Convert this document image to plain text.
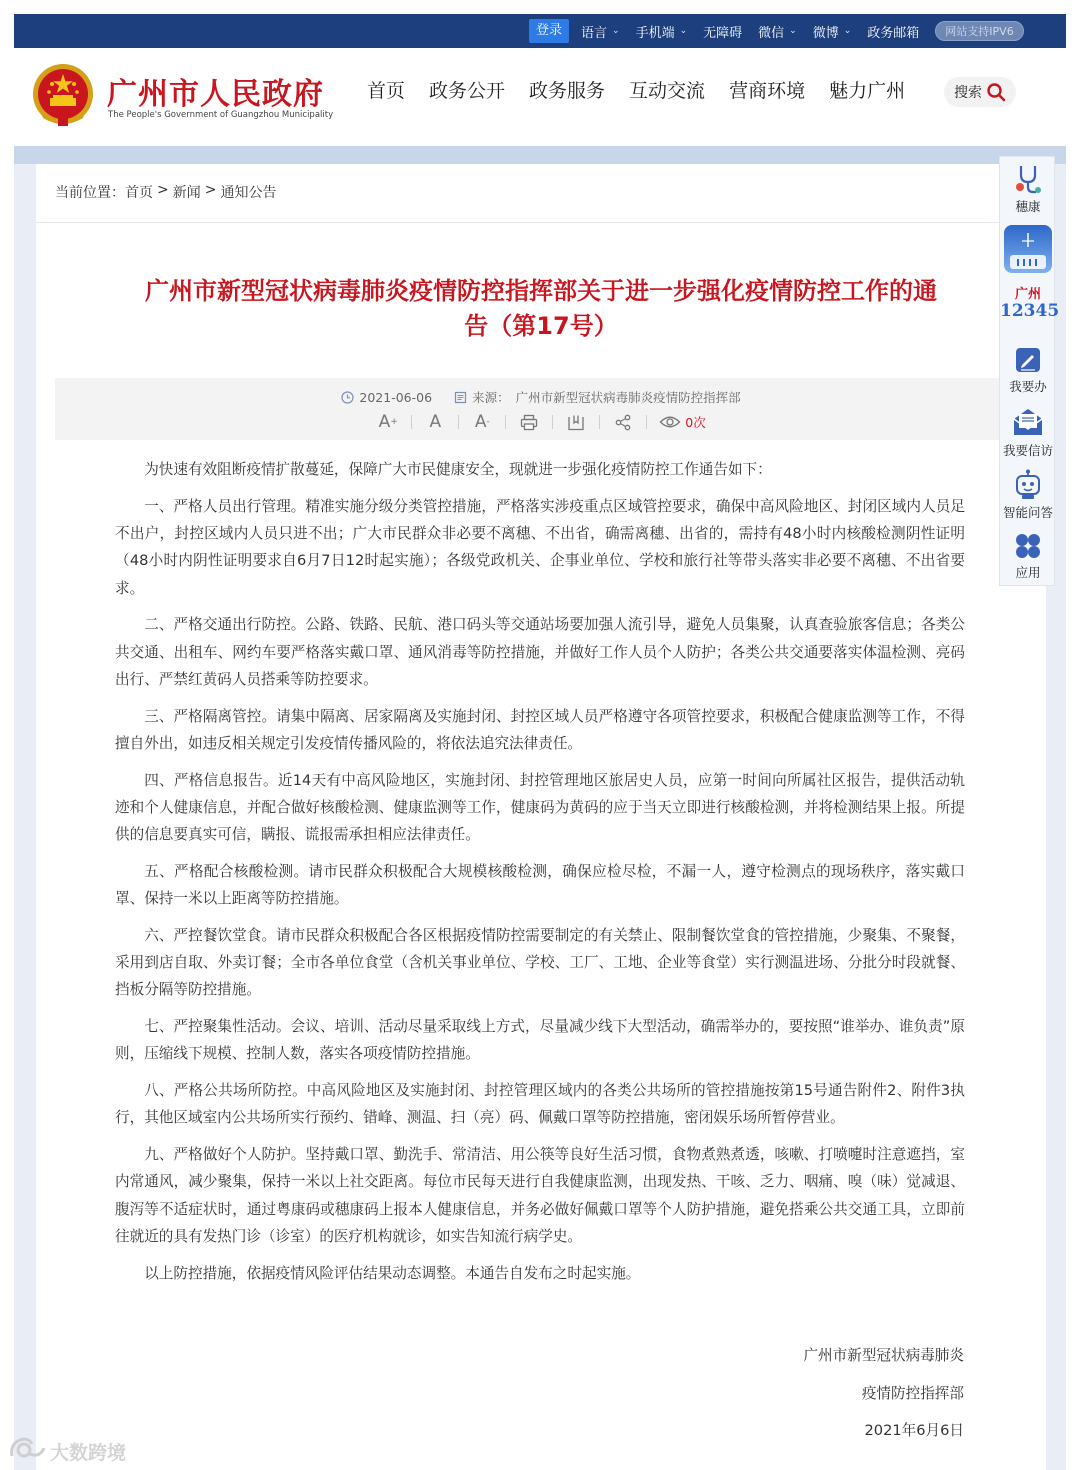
登录	语言 ⌄ 手机端 ⌄ 无障碍 微信 ⌄ 微博 ⌄ 政务邮箱	网站支持IPV6
广州市人民政府
The People's Government of Guangzhou Municipality
首页 政务公开 政务服务 互动交流 营商环境 魅力广州	搜索
当前位置： 首页 > 新闻 > 通知公告
广州市新型冠状病毒肺炎疫情防控指挥部关于进一步强化疫情防控工作的通告（第17号）
2021-06-06	来源： 广州市新型冠状病毒肺炎疫情防控指挥部
A +	A	A -	0次

为快速有效阻断疫情扩散蔓延，保障广大市民健康安全，现就进一步强化疫情防控工作通告如下：

一、严格人员出行管理。精准实施分级分类管控措施，严格落实涉疫重点区域管控要求，确保中高风险地区、封闭区域内人员足不出户，封控区域内人员只进不出；广大市民群众非必要不离穗、不出省，确需离穗、出省的，需持有48小时内核酸检测阴性证明（48小时内阴性证明要求自6月7日12时起实施）；各级党政机关、企事业单位、学校和旅行社等带头落实非必要不离穗、不出省要求。

二、严格交通出行防控。公路、铁路、民航、港口码头等交通站场要加强人流引导，避免人员集聚，认真查验旅客信息；各类公共交通、出租车、网约车要严格落实戴口罩、通风消毒等防控措施，并做好工作人员个人防护；各类公共交通要落实体温检测、亮码出行、严禁红黄码人员搭乘等防控要求。

三、严格隔离管控。请集中隔离、居家隔离及实施封闭、封控区域人员严格遵守各项管控要求，积极配合健康监测等工作，不得擅自外出，如违反相关规定引发疫情传播风险的，将依法追究法律责任。

四、严格信息报告。近14天有中高风险地区，实施封闭、封控管理地区旅居史人员，应第一时间向所属社区报告，提供活动轨迹和个人健康信息，并配合做好核酸检测、健康监测等工作，健康码为黄码的应于当天立即进行核酸检测，并将检测结果上报。所提供的信息要真实可信，瞒报、谎报需承担相应法律责任。

五、严格配合核酸检测。请市民群众积极配合大规模核酸检测，确保应检尽检，不漏一人，遵守检测点的现场秩序，落实戴口罩、保持一米以上距离等防控措施。

六、严控餐饮堂食。请市民群众积极配合各区根据疫情防控需要制定的有关禁止、限制餐饮堂食的管控措施，少聚集、不聚餐，采用到店自取、外卖订餐；全市各单位食堂（含机关事业单位、学校、工厂、工地、企业等食堂）实行测温进场、分批分时段就餐、挡板分隔等防控措施。

七、严控聚集性活动。会议、培训、活动尽量采取线上方式，尽量减少线下大型活动，确需举办的，要按照“谁举办、谁负责”原则，压缩线下规模、控制人数，落实各项疫情防控措施。

八、严格公共场所防控。中高风险地区及实施封闭、封控管理区域内的各类公共场所的管控措施按第15号通告附件2、附件3执行，其他区域室内公共场所实行预约、错峰、测温、扫（亮）码、佩戴口罩等防控措施，密闭娱乐场所暂停营业。

九、严格做好个人防护。坚持戴口罩、勤洗手、常清洁、用公筷等良好生活习惯，食物煮熟煮透，咳嗽、打喷嚏时注意遮挡，室内常通风，减少聚集，保持一米以上社交距离。每位市民每天进行自我健康监测，出现发热、干咳、乏力、咽痛、嗅（味）觉减退、腹泻等不适症状时，通过粤康码或穗康码上报本人健康信息，并务必做好佩戴口罩等个人防护措施，避免搭乘公共交通工具，立即前往就近的具有发热门诊（诊室）的医疗机构就诊，如实告知流行病学史。

以上防控措施，依据疫情风险评估结果动态调整。本通告自发布之时起实施。

广州市新型冠状病毒肺炎
疫情防控指挥部
2021年6月6日
穗康
广州
12345
我要办
我要信访
智能问答
应用
大数跨境
